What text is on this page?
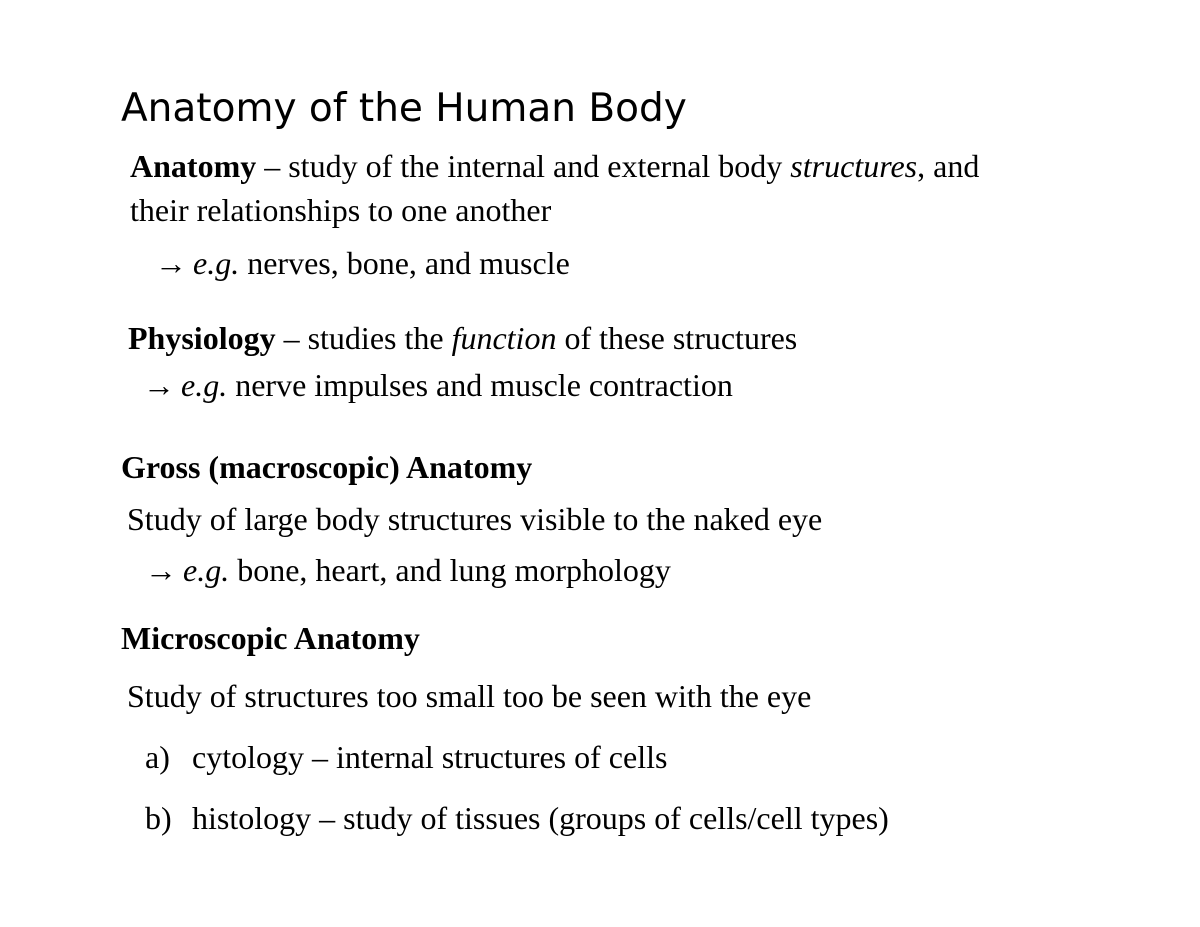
Anatomy of the Human Body
Anatomy – study of the internal and external body structures, and
their relationships to one another
→ e.g. nerves, bone, and muscle
Physiology – studies the function of these structures
→ e.g. nerve impulses and muscle contraction
Gross (macroscopic) Anatomy
Study of large body structures visible to the naked eye
→ e.g. bone, heart, and lung morphology
Microscopic Anatomy
Study of structures too small too be seen with the eye
a) cytology – internal structures of cells
b) histology – study of tissues (groups of cells/cell types)
